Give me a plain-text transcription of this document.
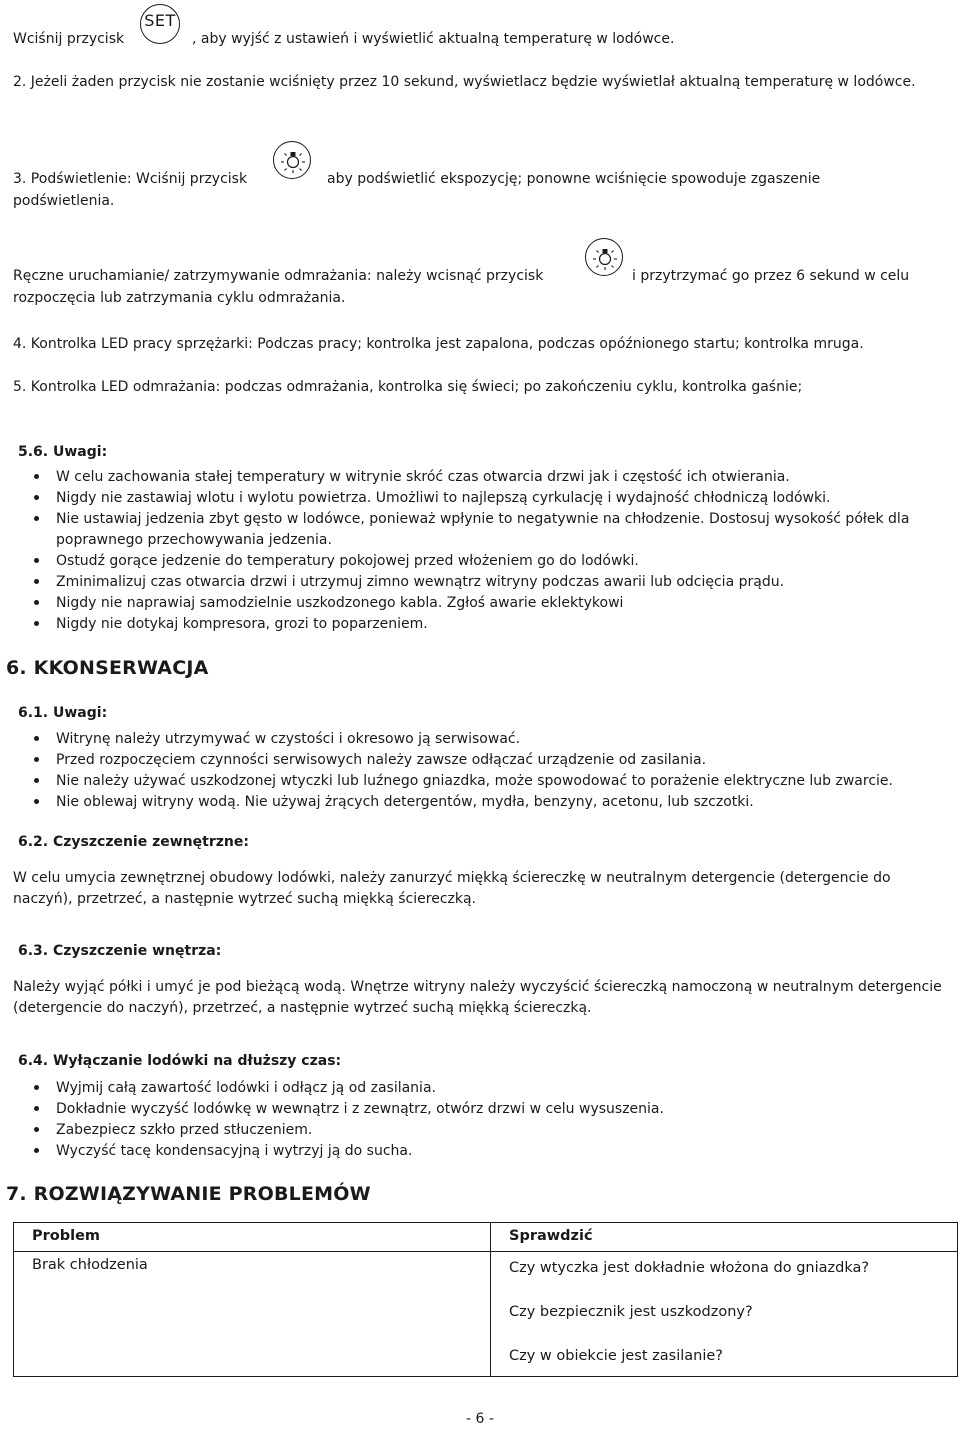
Wciśnij przycisk
SET
, aby wyjść z ustawień i wyświetlić aktualną temperaturę w lodówce.
2. Jeżeli żaden przycisk nie zostanie wciśnięty przez 10 sekund, wyświetlacz będzie wyświetlał aktualną temperaturę w lodówce.
3. Podświetlenie: Wciśnij przycisk	aby podświetlić ekspozycję; ponowne wciśnięcie spowoduje zgaszenie
podświetlenia.
Ręczne uruchamianie/ zatrzymywanie odmrażania: należy wcisnąć przycisk	i przytrzymać go przez 6 sekund w celu
rozpoczęcia lub zatrzymania cyklu odmrażania.
4. Kontrolka LED pracy sprzężarki: Podczas pracy; kontrolka jest zapalona, podczas opóźnionego startu; kontrolka mruga.
5. Kontrolka LED odmrażania: podczas odmrażania, kontrolka się świeci; po zakończeniu cyklu, kontrolka gaśnie;
5.6. Uwagi:
W celu zachowania stałej temperatury w witrynie skróć czas otwarcia drzwi jak i częstość ich otwierania.
Nigdy nie zastawiaj wlotu i wylotu powietrza. Umożliwi to najlepszą cyrkulację i wydajność chłodniczą lodówki.
Nie ustawiaj jedzenia zbyt gęsto w lodówce, ponieważ wpłynie to negatywnie na chłodzenie. Dostosuj wysokość półek dla poprawnego przechowywania jedzenia.
Ostudź gorące jedzenie do temperatury pokojowej przed włożeniem go do lodówki.
Zminimalizuj czas otwarcia drzwi i utrzymuj zimno wewnątrz witryny podczas awarii lub odcięcia prądu.
Nigdy nie naprawiaj samodzielnie uszkodzonego kabla. Zgłoś awarie eklektykowi
Nigdy nie dotykaj kompresora, grozi to poparzeniem.
6. KKONSERWACJA
6.1. Uwagi:
Witrynę należy utrzymywać w czystości i okresowo ją serwisować.
Przed rozpoczęciem czynności serwisowych należy zawsze odłączać urządzenie od zasilania.
Nie należy używać uszkodzonej wtyczki lub luźnego gniazdka, może spowodować to porażenie elektryczne lub zwarcie.
Nie oblewaj witryny wodą. Nie używaj żrących detergentów, mydła, benzyny, acetonu, lub szczotki.
6.2. Czyszczenie zewnętrzne:
W celu umycia zewnętrznej obudowy lodówki, należy zanurzyć miękką ściereczkę w neutralnym detergencie (detergencie do naczyń), przetrzeć, a następnie wytrzeć suchą miękką ściereczką.
6.3. Czyszczenie wnętrza:
Należy wyjąć półki i umyć je pod bieżącą wodą. Wnętrze witryny należy wyczyścić ściereczką namoczoną w neutralnym detergencie (detergencie do naczyń), przetrzeć, a następnie wytrzeć suchą miękką ściereczką.
6.4. Wyłączanie lodówki na dłuższy czas:
Wyjmij całą zawartość lodówki i odłącz ją od zasilania.
Dokładnie wyczyść lodówkę w wewnątrz i z zewnątrz, otwórz drzwi w celu wysuszenia.
Zabezpiecz szkło przed stłuczeniem.
Wyczyść tacę kondensacyjną i wytrzyj ją do sucha.
7. ROZWIĄZYWANIE PROBLEMÓW
Problem	Sprawdzić
Brak chłodzenia	Czy wtyczka jest dokładnie włożona do gniazdka?
Czy bezpiecznik jest uszkodzony?
Czy w obiekcie jest zasilanie?
- 6 -
